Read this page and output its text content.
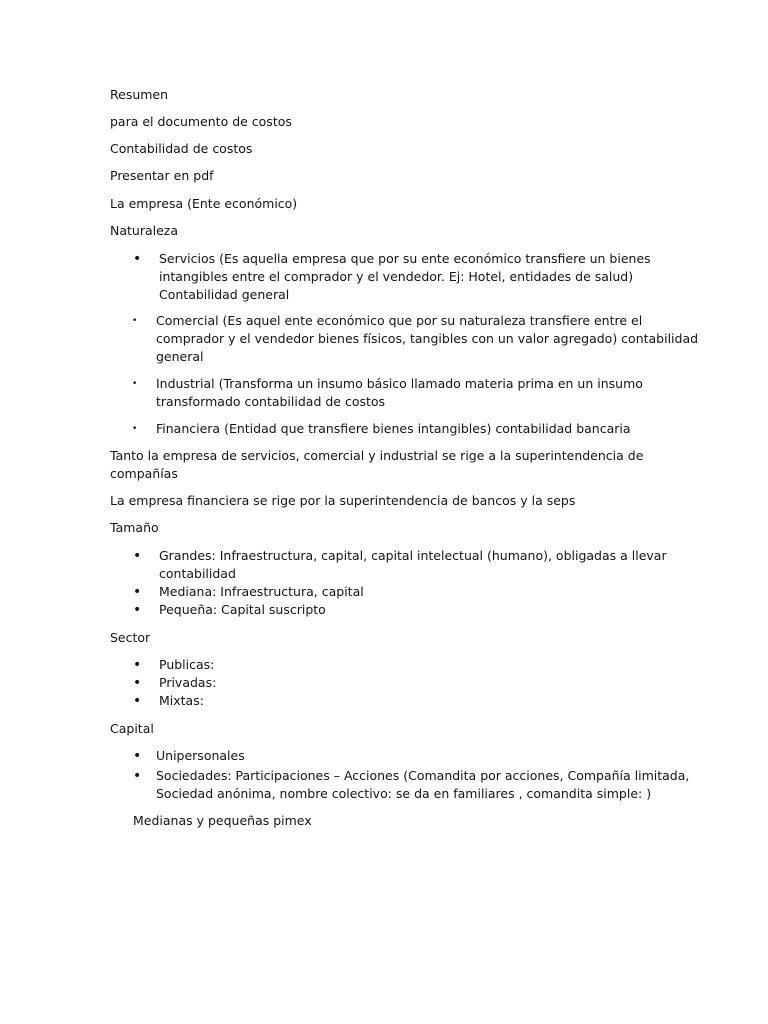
Resumen

para el documento de costos

Contabilidad de costos

Presentar en pdf

La empresa (Ente económico)

Naturaleza

• Servicios (Es aquella empresa que por su ente económico transfiere un bienes
intangibles entre el comprador y el vendedor. Ej: Hotel, entidades de salud)
Contabilidad general
• Comercial (Es aquel ente económico que por su naturaleza transfiere entre el
comprador y el vendedor bienes físicos, tangibles con un valor agregado) contabilidad
general
• Industrial (Transforma un insumo básico llamado materia prima en un insumo
transformado contabilidad de costos
• Financiera (Entidad que transfiere bienes intangibles) contabilidad bancaria

Tanto la empresa de servicios, comercial y industrial se rige a la superintendencia de

compañías

La empresa financiera se rige por la superintendencia de bancos y la seps

Tamaño

• Grandes: Infraestructura, capital, capital intelectual (humano), obligadas a llevar
contabilidad
• Mediana: Infraestructura, capital
• Pequeña: Capital suscripto

Sector

• Publicas:
• Privadas:
• Mixtas:

Capital

• Unipersonales
• Sociedades: Participaciones – Acciones (Comandita por acciones, Compañía limitada,
Sociedad anónima, nombre colectivo: se da en familiares , comandita simple: )

Medianas y pequeñas pimex
